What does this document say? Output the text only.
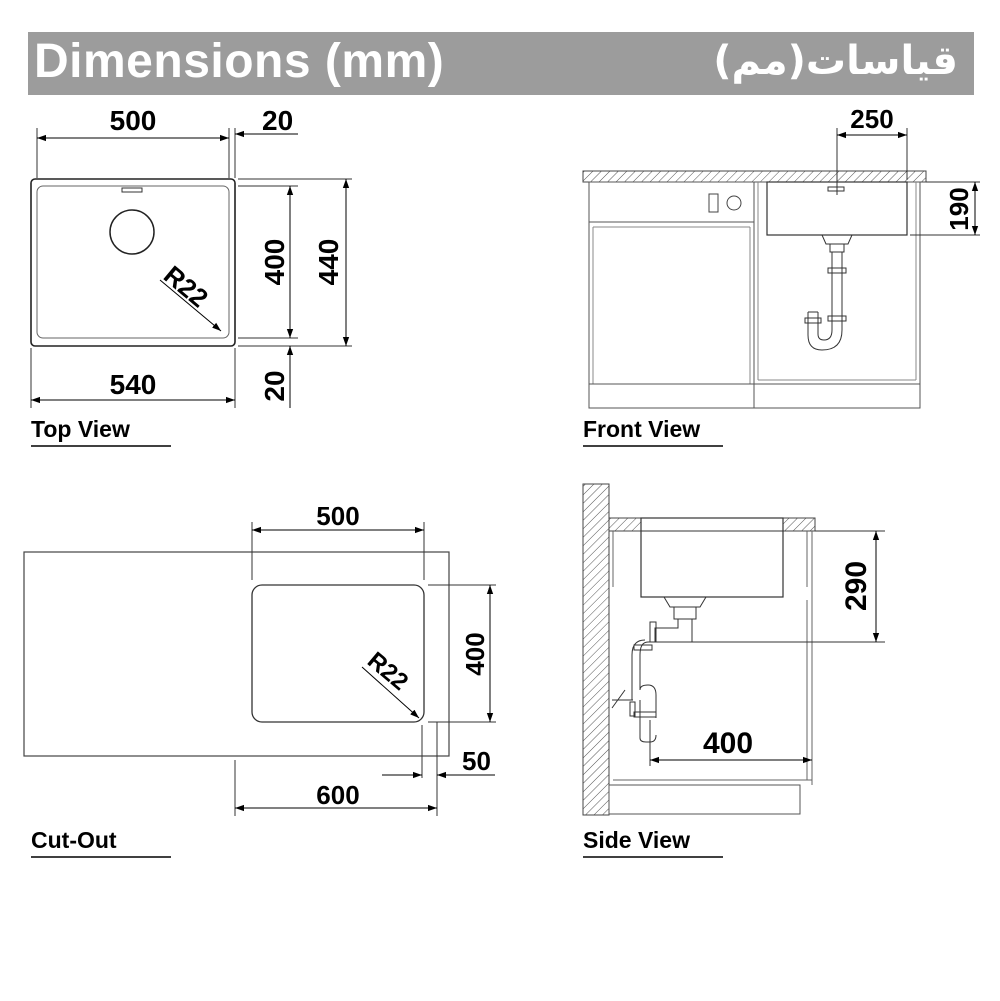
Dimensions (mm)	قیاسات(مم)
500	20
540
400 440
20
R22
Top View
250
190
Front View
500
400
600
50
R22
Cut-Out
290
400
Side View
